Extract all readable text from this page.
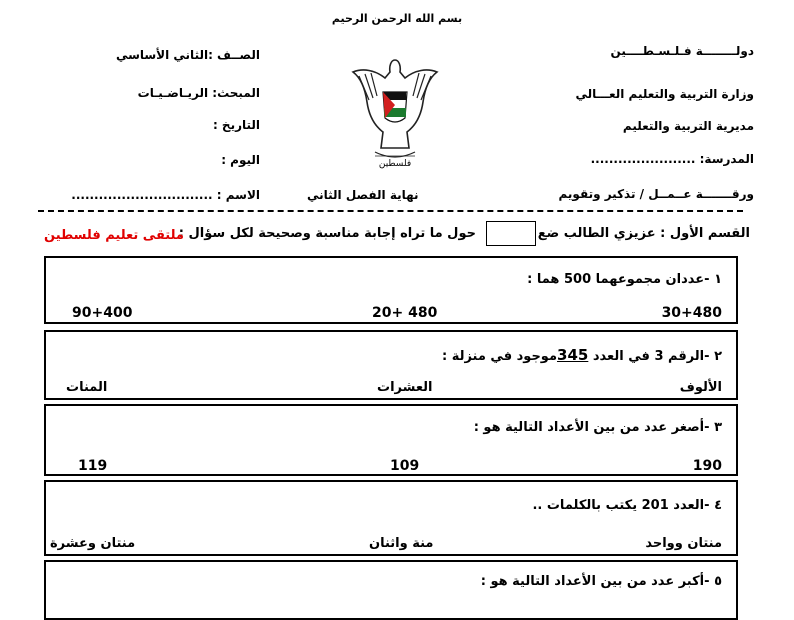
بسم الله الرحمن الرحيم
دولــــــــة فـلـسـطــــين
وزارة التربية والتعليم العـــالي
مديرية التربية والتعليم
المدرسة: .......................
ورقـــــــة عــمــل / تذكير وتقويم
الصــف :الثاني الأساسي
المبحث: الريـاضـيـات
التاريخ :
اليوم :
الاسم : ...............................
فلسطين
نهاية الفصل الثاني
القسم الأول : عزيزي الطالب ضع
حول ما تراه إجابة مناسبة وصحيحة لكل سؤال :
ملتقى تعليم فلسطين
١ -عددان مجموعهما 500 هما :
30+480
20+ 480
90+400
٢ -الرقم 3 في العدد 345موجود في منزلة :
الألوف
العشرات
المنات
٣ -أصغر عدد من بين الأعداد التالية هو :
190
109
119
٤ -العدد 201 يكتب بالكلمات ..
منتان وواحد
منة واثنان
منتان وعشرة
٥ -أكبر عدد من بين الأعداد التالية هو :
